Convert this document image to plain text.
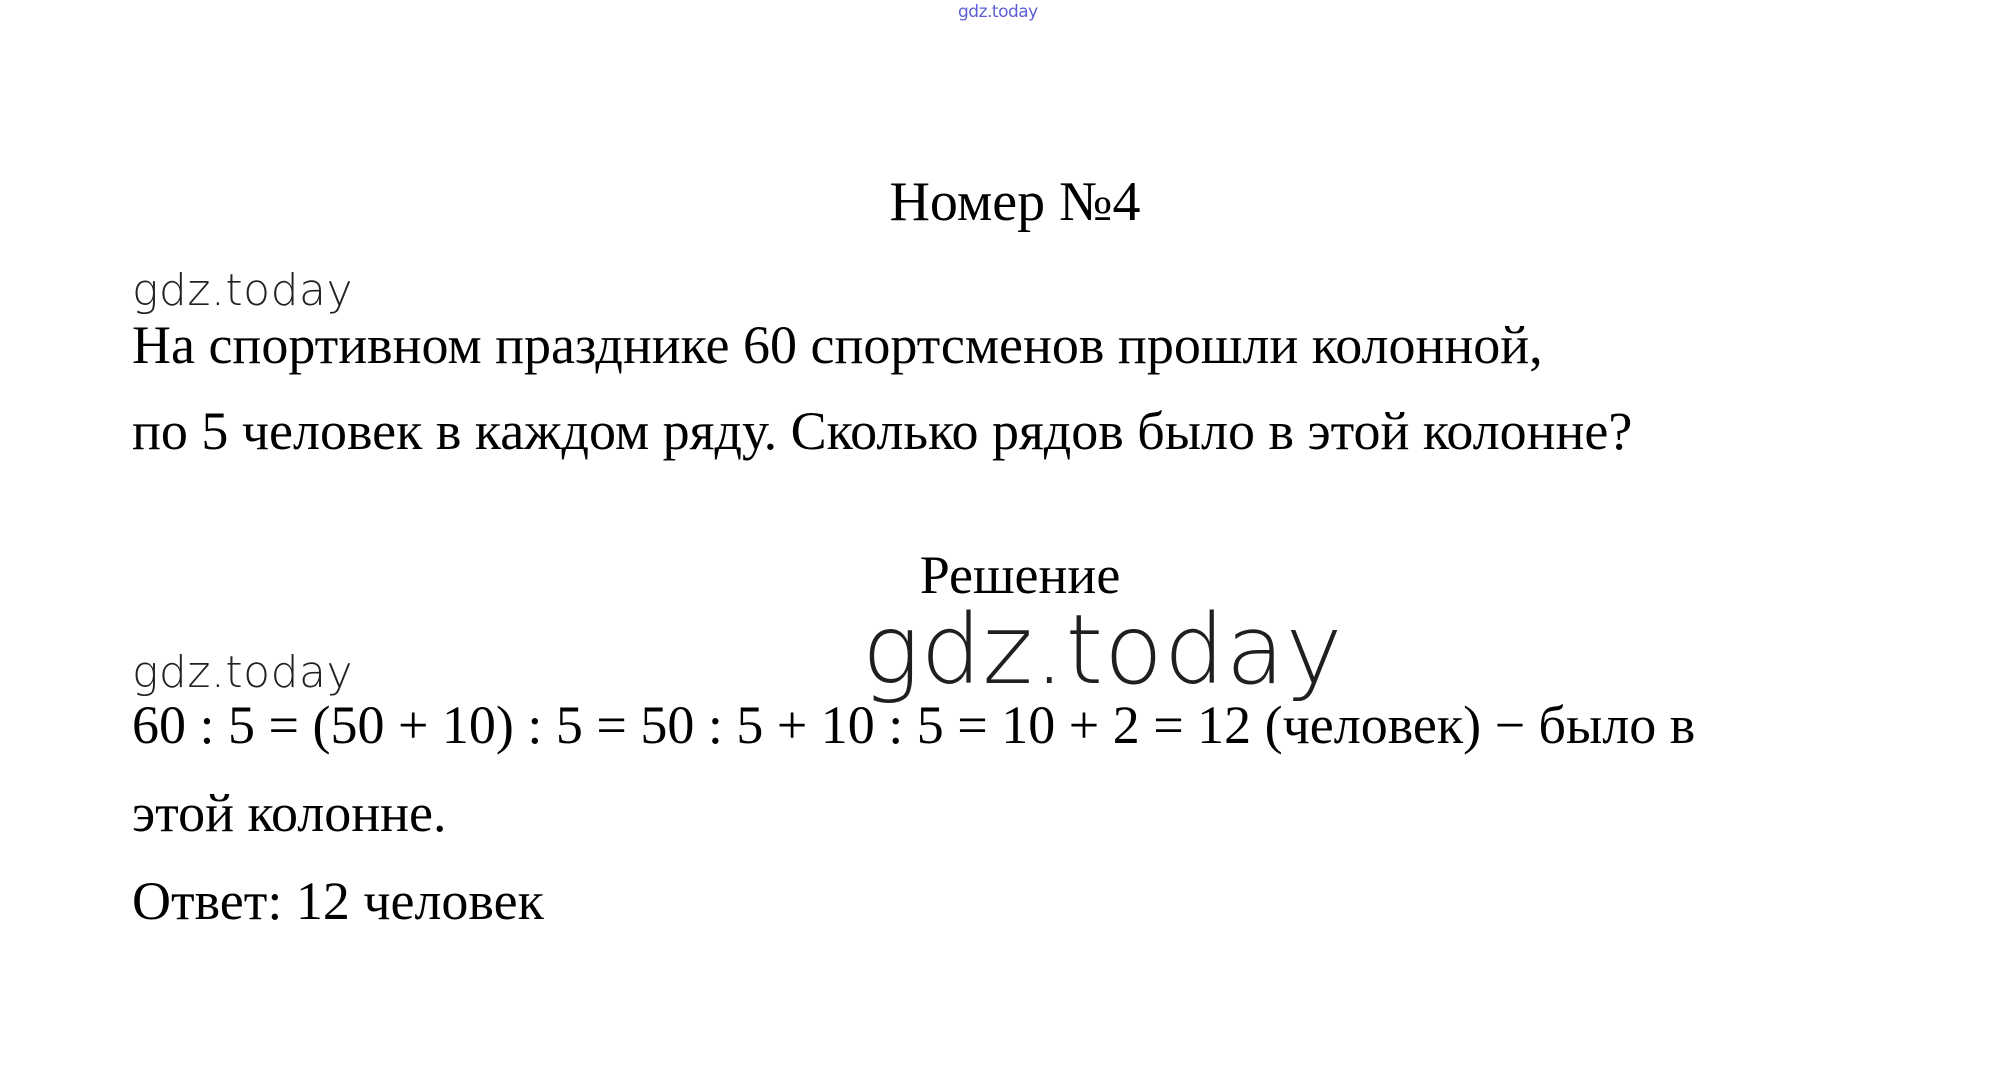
gdz.today
Номер №4
gdz.today
На спортивном празднике 60 спортсменов прошли колонной,
по 5 человек в каждом ряду. Сколько рядов было в этой колонне?
Решение
gdz.today
gdz.today
60 : 5 = (50 + 10) : 5 = 50 : 5 + 10 : 5 = 10 + 2 = 12 (человек) − было в
этой колонне.
Ответ: 12 человек
